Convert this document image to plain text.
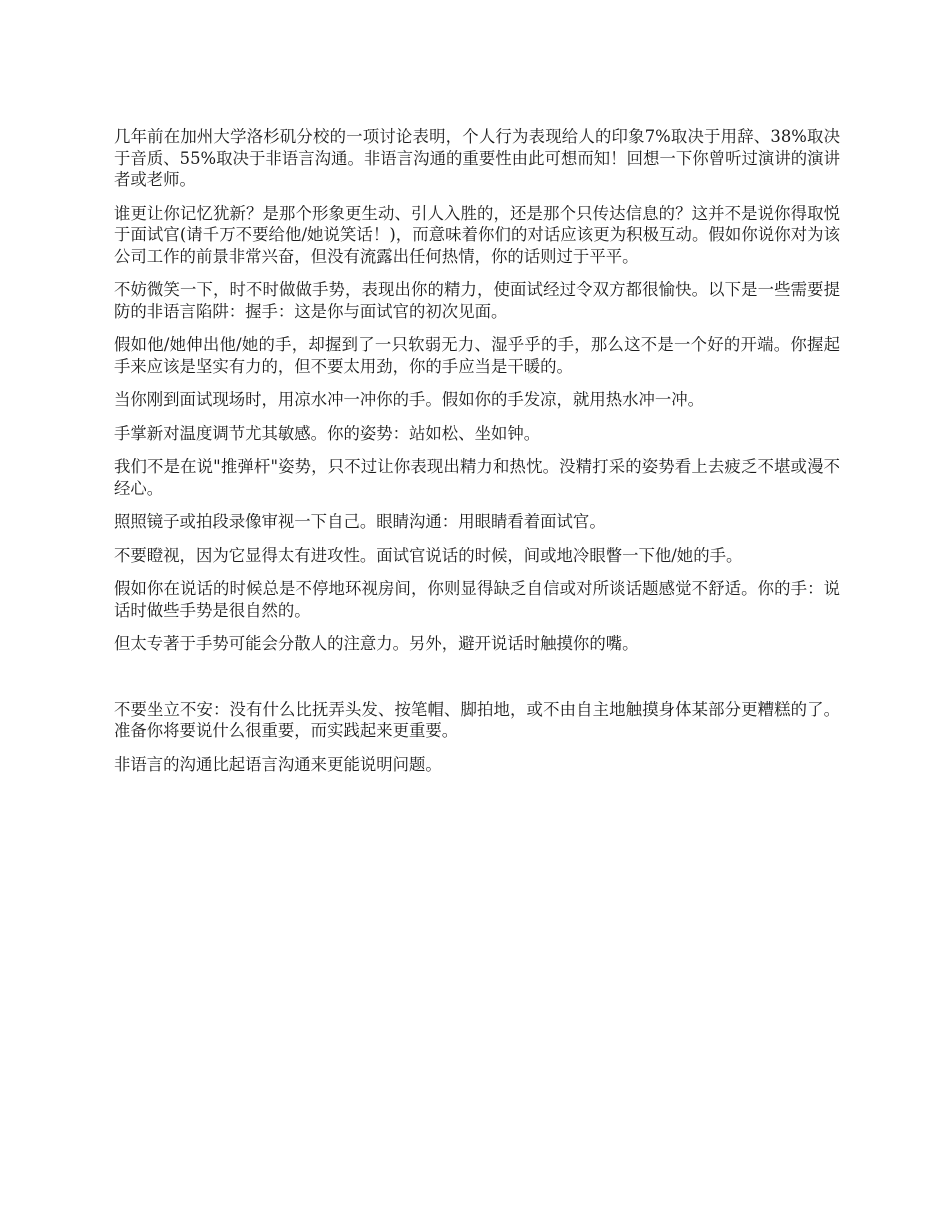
几年前在加州大学洛杉矶分校的一项讨论表明，个人行为表现给人的印象7%取决于用辞、38%取决于音质、55%取决于非语言沟通。非语言沟通的重要性由此可想而知！回想一下你曾听过演讲的演讲者或老师。

谁更让你记忆犹新？是那个形象更生动、引人入胜的，还是那个只传达信息的？这并不是说你得取悦于面试官(请千万不要给他/她说笑话！)，而意味着你们的对话应该更为积极互动。假如你说你对为该公司工作的前景非常兴奋，但没有流露出任何热情，你的话则过于平平。

不妨微笑一下，时不时做做手势，表现出你的精力，使面试经过令双方都很愉快。以下是一些需要提防的非语言陷阱：握手：这是你与面试官的初次见面。

假如他/她伸出他/她的手，却握到了一只软弱无力、湿乎乎的手，那么这不是一个好的开端。你握起手来应该是坚实有力的，但不要太用劲，你的手应当是干暖的。

当你刚到面试现场时，用凉水冲一冲你的手。假如你的手发凉，就用热水冲一冲。

手掌新对温度调节尤其敏感。你的姿势：站如松、坐如钟。

我们不是在说"推弹杆"姿势，只不过让你表现出精力和热忱。没精打采的姿势看上去疲乏不堪或漫不经心。

照照镜子或拍段录像审视一下自己。眼睛沟通：用眼睛看着面试官。

不要瞪视，因为它显得太有进攻性。面试官说话的时候，间或地冷眼瞥一下他/她的手。

假如你在说话的时候总是不停地环视房间，你则显得缺乏自信或对所谈话题感觉不舒适。你的手：说话时做些手势是很自然的。

但太专著于手势可能会分散人的注意力。另外，避开说话时触摸你的嘴。

不要坐立不安：没有什么比抚弄头发、按笔帽、脚拍地，或不由自主地触摸身体某部分更糟糕的了。准备你将要说什么很重要，而实践起来更重要。

非语言的沟通比起语言沟通来更能说明问题。
